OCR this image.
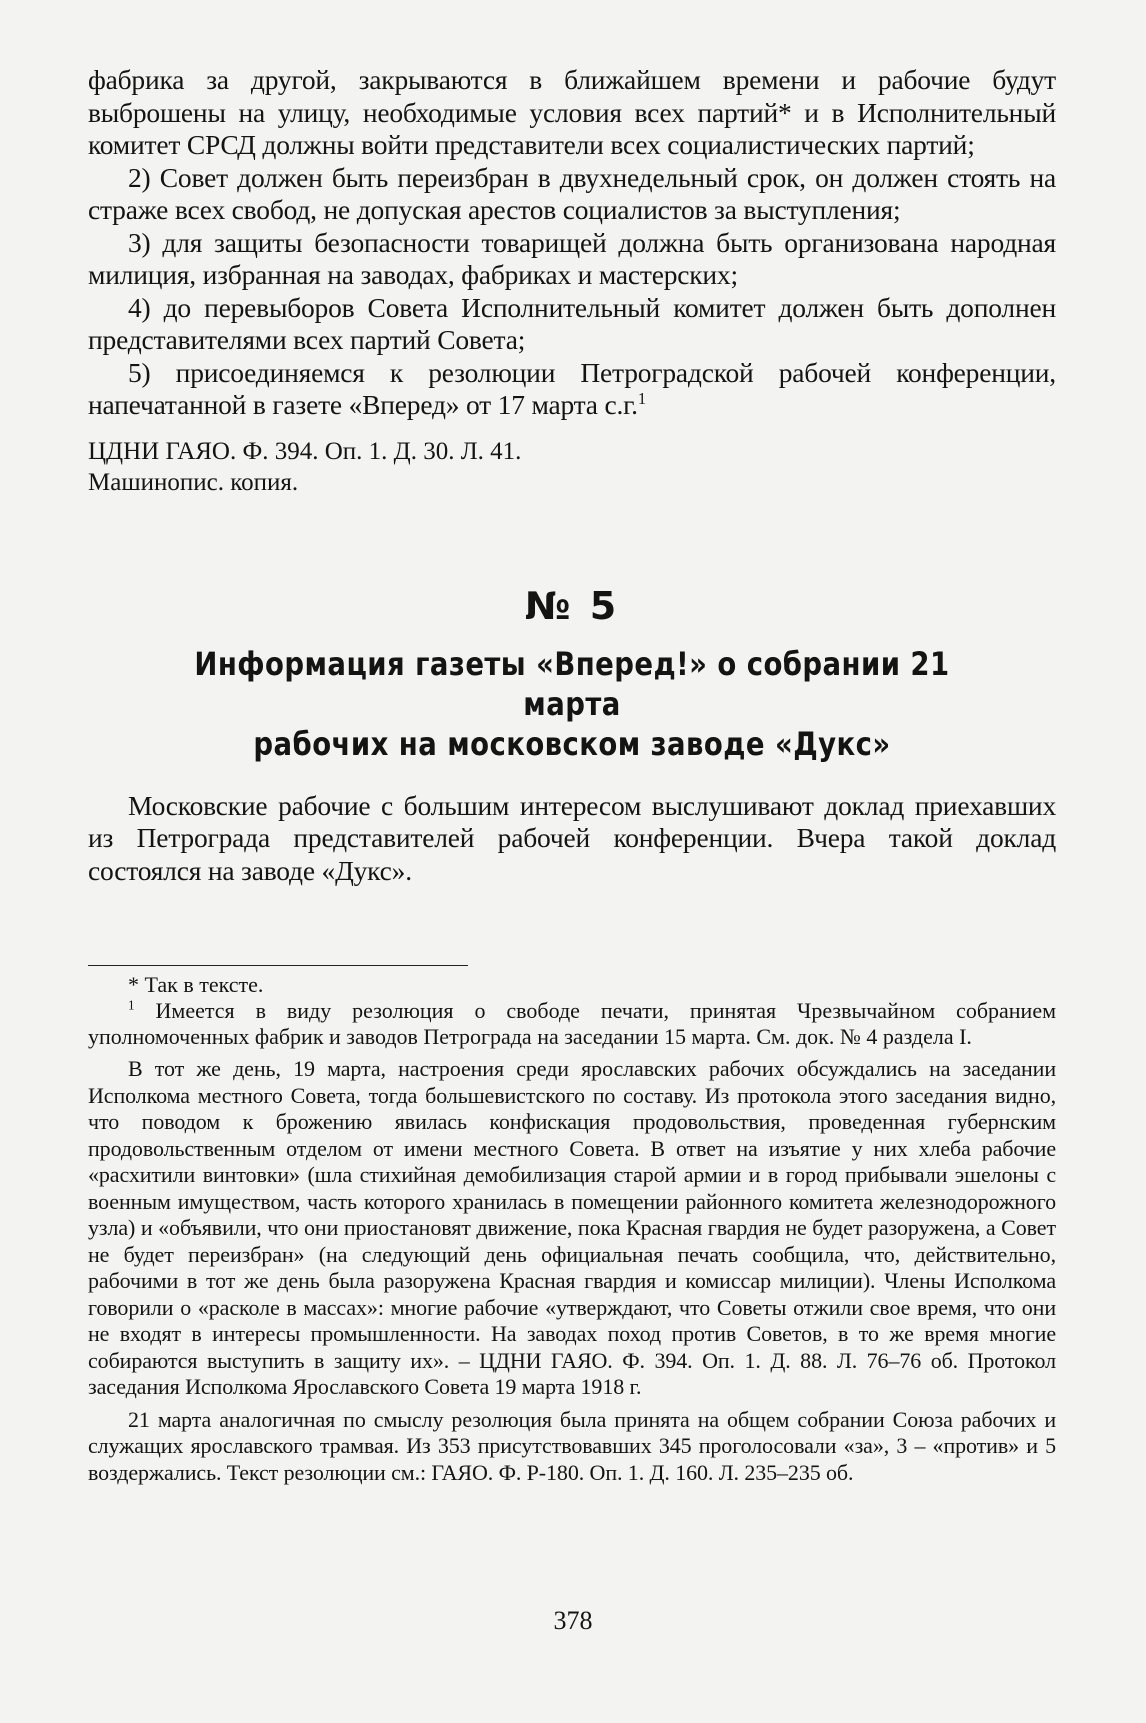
фабрика за другой, закрываются в ближайшем времени и рабочие будут выброшены на улицу, необходимые условия всех партий* и в Исполнительный комитет СРСД должны войти представители всех социалистических партий;

2) Совет должен быть переизбран в двухнедельный срок, он должен стоять на страже всех свобод, не допуская арестов социалистов за выступления;

3) для защиты безопасности товарищей должна быть организована народная милиция, избранная на заводах, фабриках и мастерских;

4) до перевыборов Совета Исполнительный комитет должен быть дополнен представителями всех партий Совета;

5) присоединяемся к резолюции Петроградской рабочей конференции, напечатанной в газете «Вперед» от 17 марта с.г.$^1$

ЦДНИ ГАЯО. Ф. 394. Оп. 1. Д. 30. Л. 41.
Машинопис. копия.
№ 5
Информация газеты «Вперед!» о собрании 21 марта
рабочих на московском заводе «Дукс»

Московские рабочие с большим интересом выслушивают доклад приехавших из Петрограда представителей рабочей конференции. Вчера такой доклад состоялся на заводе «Дукс».

* Так в тексте.

$^1$ Имеется в виду резолюция о свободе печати, принятая Чрезвычайном собранием уполномоченных фабрик и заводов Петрограда на заседании 15 марта. См. док. № 4 раздела I.

В тот же день, 19 марта, настроения среди ярославских рабочих обсуждались на заседании Исполкома местного Совета, тогда большевистского по составу. Из протокола этого заседания видно, что поводом к брожению явилась конфискация продовольствия, проведенная губернским продовольственным отделом от имени местного Совета. В ответ на изъятие у них хлеба рабочие «расхитили винтовки» (шла стихийная демобилизация старой армии и в город прибывали эшелоны с военным имуществом, часть которого хранилась в помещении районного комитета железнодорожного узла) и «объявили, что они приостановят движение, пока Красная гвардия не будет разоружена, а Совет не будет переизбран» (на следующий день официальная печать сообщила, что, действительно, рабочими в тот же день была разоружена Красная гвардия и комиссар милиции). Члены Исполкома говорили о «расколе в массах»: многие рабочие «утверждают, что Советы отжили свое время, что они не входят в интересы промышленности. На заводах поход против Советов, в то же время многие собираются выступить в защиту их». – ЦДНИ ГАЯО. Ф. 394. Оп. 1. Д. 88. Л. 76–76 об. Протокол заседания Исполкома Ярославского Совета 19 марта 1918 г.

21 марта аналогичная по смыслу резолюция была принята на общем собрании Союза рабочих и служащих ярославского трамвая. Из 353 присутствовавших 345 проголосовали «за», 3 – «против» и 5 воздержались. Текст резолюции см.: ГАЯО. Ф. Р-180. Оп. 1. Д. 160. Л. 235–235 об.

378
